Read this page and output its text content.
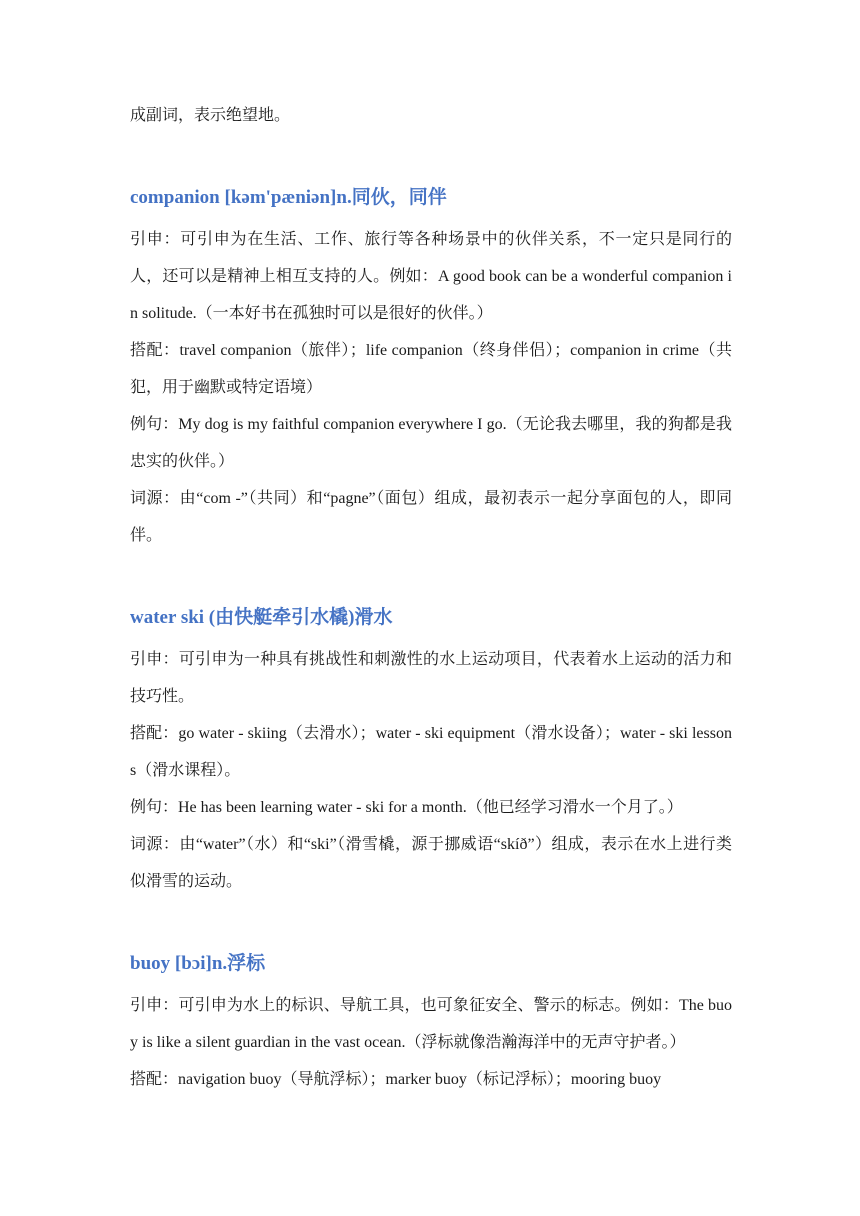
成副词，表示绝望地。

companion [kəm'pæniən]n.同伙，同伴

引申：可引申为在生活、工作、旅行等各种场景中的伙伴关系，不一定只是同行的人，还可以是精神上相互支持的人。例如：A good book can be a wonderful companion in solitude.（一本好书在孤独时可以是很好的伙伴。）

搭配：travel companion（旅伴）；life companion（终身伴侣）；companion in crime（共犯，用于幽默或特定语境）

例句：My dog is my faithful companion everywhere I go.（无论我去哪里，我的狗都是我忠实的伙伴。）

词源：由“com -”（共同）和“pagne”（面包）组成，最初表示一起分享面包的人，即同伴。

water ski (由快艇牵引水橇)滑水

引申：可引申为一种具有挑战性和刺激性的水上运动项目，代表着水上运动的活力和技巧性。

搭配：go water - skiing（去滑水）；water - ski equipment（滑水设备）；water - ski lessons（滑水课程）。

例句：He has been learning water - ski for a month.（他已经学习滑水一个月了。）

词源：由“water”（水）和“ski”（滑雪橇，源于挪威语“skíð”）组成，表示在水上进行类似滑雪的运动。

buoy [bɔi]n.浮标

引申：可引申为水上的标识、导航工具，也可象征安全、警示的标志。例如：The buoy is like a silent guardian in the vast ocean.（浮标就像浩瀚海洋中的无声守护者。）

搭配：navigation buoy（导航浮标）；marker buoy（标记浮标）；mooring buoy
